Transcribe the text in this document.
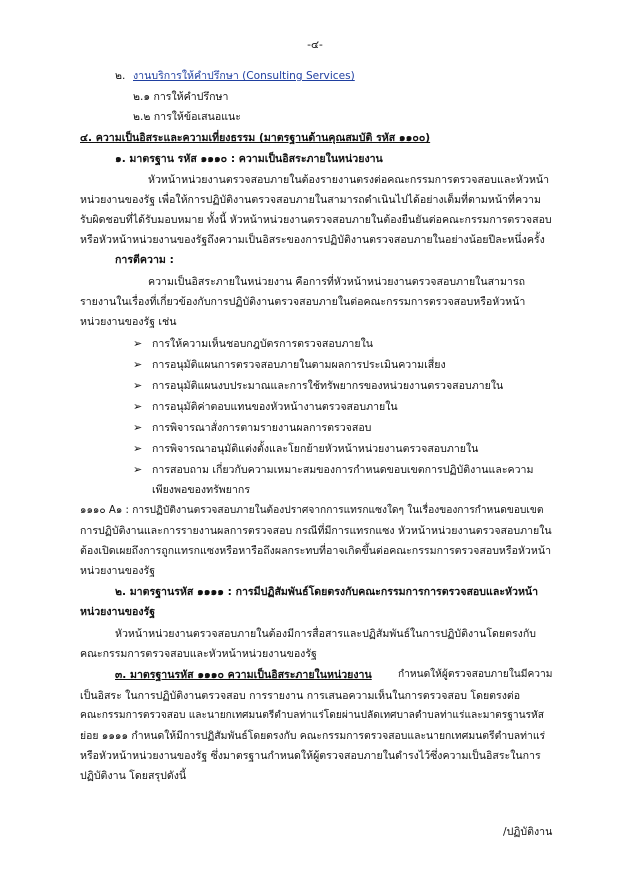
-๔-
๒. งานบริการให้คำปรึกษา (Consulting Services)
๒.๑ การให้คำปรึกษา
๒.๒ การให้ข้อเสนอแนะ
๔. ความเป็นอิสระและความเที่ยงธรรม (มาตรฐานด้านคุณสมบัติ รหัส ๑๑๐๐)
๑. มาตรฐาน รหัส ๑๑๑๐ : ความเป็นอิสระภายในหน่วยงาน
หัวหน้าหน่วยงานตรวจสอบภายในต้องรายงานตรงต่อคณะกรรมการตรวจสอบและหัวหน้า
หน่วยงานของรัฐ เพื่อให้การปฏิบัติงานตรวจสอบภายในสามารถดำเนินไปได้อย่างเต็มที่ตามหน้าที่ความ
รับผิดชอบที่ได้รับมอบหมาย ทั้งนี้ หัวหน้าหน่วยงานตรวจสอบภายในต้องยืนยันต่อคณะกรรมการตรวจสอบ
หรือหัวหน้าหน่วยงานของรัฐถึงความเป็นอิสระของการปฏิบัติงานตรวจสอบภายในอย่างน้อยปีละหนึ่งครั้ง
การตีความ :
ความเป็นอิสระภายในหน่วยงาน คือการที่หัวหน้าหน่วยงานตรวจสอบภายในสามารถ
รายงานในเรื่องที่เกี่ยวข้องกับการปฏิบัติงานตรวจสอบภายในต่อคณะกรรมการตรวจสอบหรือหัวหน้า
หน่วยงานของรัฐ เช่น
➢ การให้ความเห็นชอบกฎบัตรการตรวจสอบภายใน
➢ การอนุมัติแผนการตรวจสอบภายในตามผลการประเมินความเสี่ยง
➢ การอนุมัติแผนงบประมาณและการใช้ทรัพยากรของหน่วยงานตรวจสอบภายใน
➢ การอนุมัติค่าตอบแทนของหัวหน้างานตรวจสอบภายใน
➢ การพิจารณาสั่งการตามรายงานผลการตรวจสอบ
➢ การพิจารณาอนุมัติแต่งตั้งและโยกย้ายหัวหน้าหน่วยงานตรวจสอบภายใน
➢ การสอบถาม เกี่ยวกับความเหมาะสมของการกำหนดขอบเขตการปฏิบัติงานและความ
เพียงพอของทรัพยากร
๑๑๑๐ A๑ : การปฏิบัติงานตรวจสอบภายในต้องปราศจากการแทรกแซงใดๆ ในเรื่องของการกำหนดขอบเขต
การปฏิบัติงานและการรายงานผลการตรวจสอบ กรณีที่มีการแทรกแซง หัวหน้าหน่วยงานตรวจสอบภายใน
ต้องเปิดเผยถึงการถูกแทรกแซงหรือหารือถึงผลกระทบที่อาจเกิดขึ้นต่อคณะกรรมการตรวจสอบหรือหัวหน้า
หน่วยงานของรัฐ
๒. มาตรฐานรหัส ๑๑๑๑ : การมีปฏิสัมพันธ์โดยตรงกับคณะกรรมการการตรวจสอบและหัวหน้า
หน่วยงานของรัฐ
หัวหน้าหน่วยงานตรวจสอบภายในต้องมีการสื่อสารและปฏิสัมพันธ์ในการปฏิบัติงานโดยตรงกับ
คณะกรรมการตรวจสอบและหัวหน้าหน่วยงานของรัฐ
๓. มาตรฐานรหัส ๑๑๑๐ ความเป็นอิสระภายในหน่วยงาน	กำหนดให้ผู้ตรวจสอบภายในมีความ
เป็นอิสระ ในการปฏิบัติงานตรวจสอบ การรายงาน การเสนอความเห็นในการตรวจสอบ โดยตรงต่อ
คณะกรรมการตรวจสอบ และนายกเทศมนตรีตำบลท่าแร่โดยผ่านปลัดเทศบาลตำบลท่าแร่และมาตรฐานรหัส
ย่อย ๑๑๑๑ กำหนดให้มีการปฏิสัมพันธ์โดยตรงกับ คณะกรรมการตรวจสอบและนายกเทศมนตรีตำบลท่าแร่
หรือหัวหน้าหน่วยงานของรัฐ ซึ่งมาตรฐานกำหนดให้ผู้ตรวจสอบภายในดำรงไว้ซึ่งความเป็นอิสระในการ
ปฏิบัติงาน โดยสรุปดังนี้
/ปฏิบัติงาน
